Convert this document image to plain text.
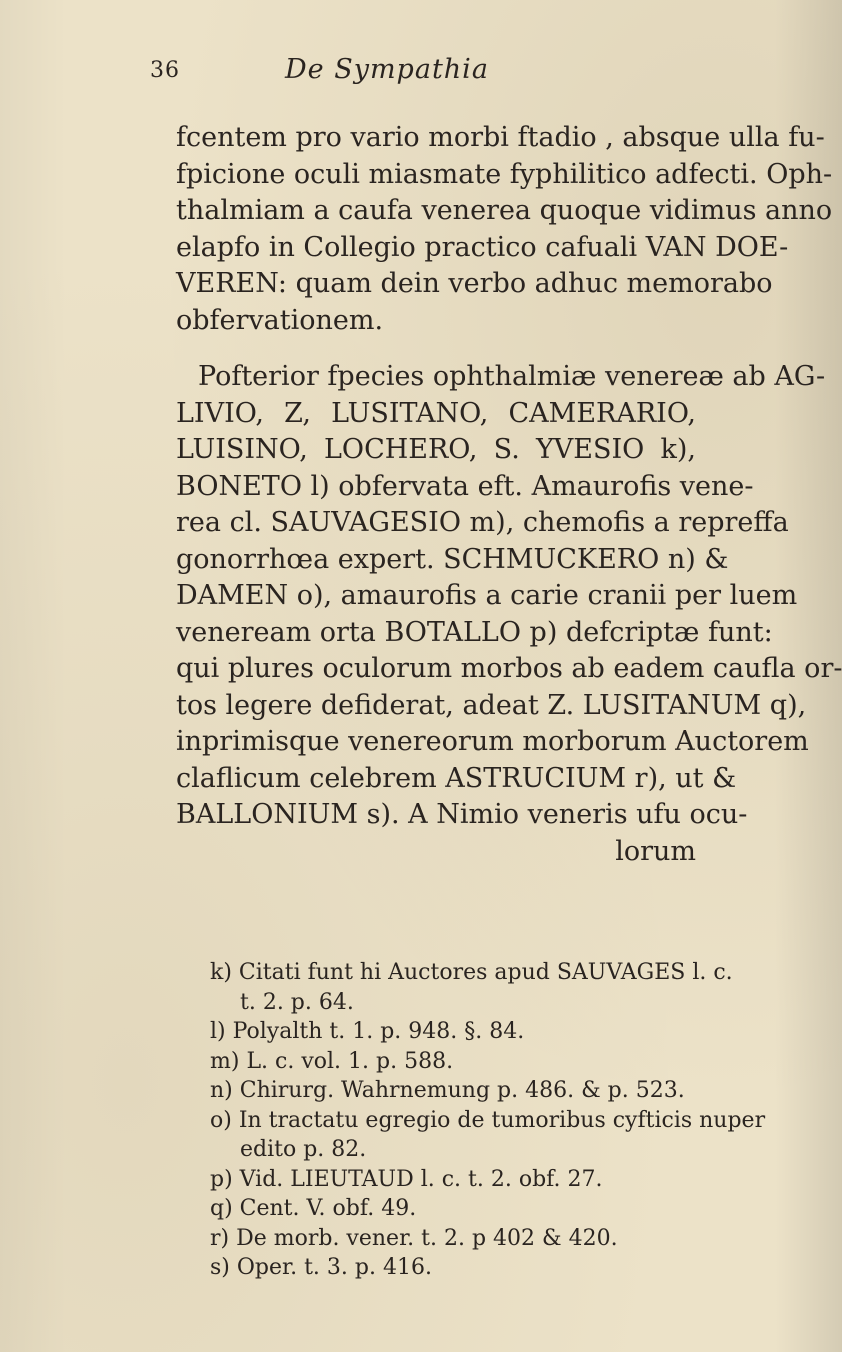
36	De Sympathia
fcentem pro vario morbi ftadio , absque ulla fu-
fpicione oculi miasmate fyphilitico adfecti. Oph-
thalmiam a caufa venerea quoque vidimus anno
elapfo in Collegio practico cafuali VAN DOE-
VEREN: quam dein verbo adhuc memorabo
obfervationem.
Pofterior fpecies ophthalmiæ venereæ ab AG-
LIVIO, Z, LUSITANO, CAMERARIO,
LUISINO, LOCHERO, S. YVESIO k),
BONETO l) obfervata eft. Amaurofis vene-
rea cl. SAUVAGESIO m), chemofis a repreffa
gonorrhœa expert. SCHMUCKERO n) &
DAMEN o), amaurofis a carie cranii per luem
veneream orta BOTALLO p) defcriptæ funt:
qui plures oculorum morbos ab eadem caufla or-
tos legere defiderat, adeat Z. LUSITANUM q),
inprimisque venereorum morborum Auctorem
claflicum celebrem ASTRUCIUM r), ut &
BALLONIUM s). A Nimio veneris ufu ocu-
lorum
k) Citati funt hi Auctores apud SAUVAGES l. c.
t. 2. p. 64.
l) Polyalth t. 1. p. 948. §. 84.
m) L. c. vol. 1. p. 588.
n) Chirurg. Wahrnemung p. 486. & p. 523.
o) In tractatu egregio de tumoribus cyfticis nuper
edito p. 82.
p) Vid. LIEUTAUD l. c. t. 2. obf. 27.
q) Cent. V. obf. 49.
r) De morb. vener. t. 2. p 402 & 420.
s) Oper. t. 3. p. 416.
